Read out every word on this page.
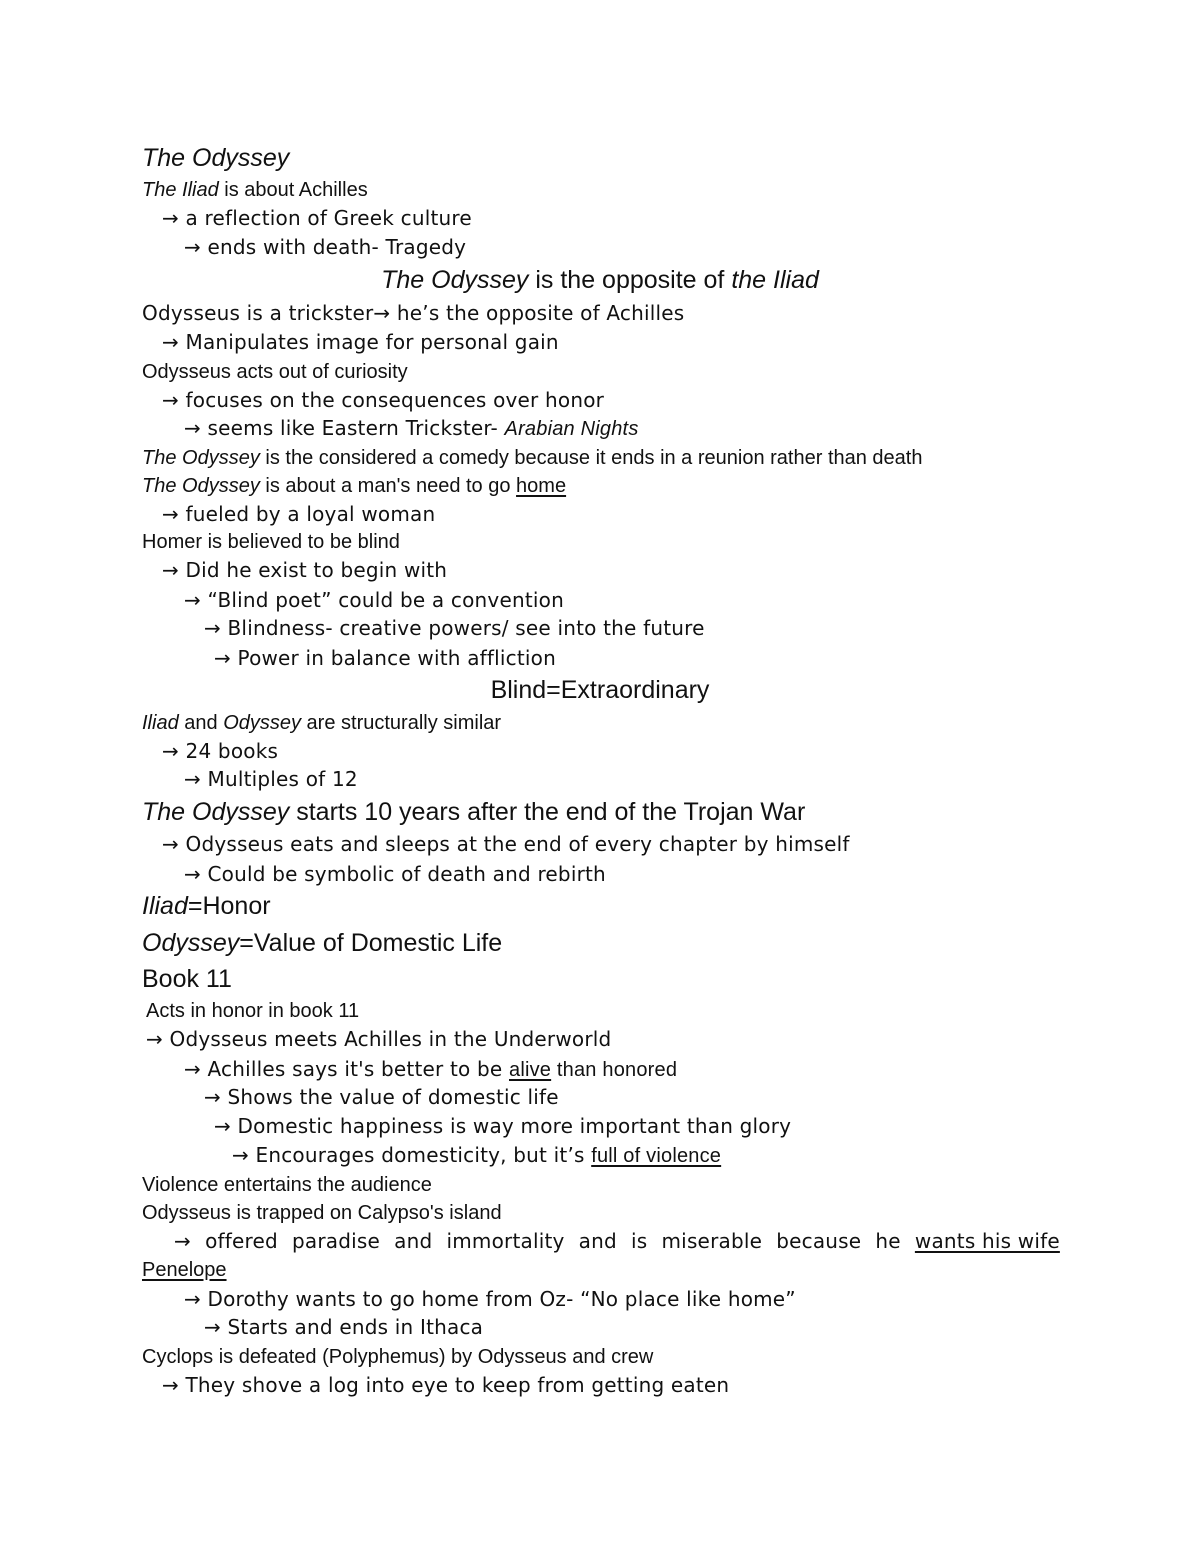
The Odyssey
The Iliad is about Achilles
→ a reflection of Greek culture
→ ends with death- Tragedy
The Odyssey is the opposite of the Iliad
Odysseus is a trickster→ he’s the opposite of Achilles
→ Manipulates image for personal gain
Odysseus acts out of curiosity
→ focuses on the consequences over honor
→ seems like Eastern Trickster- Arabian Nights
The Odyssey is the considered a comedy because it ends in a reunion rather than death
The Odyssey is about a man's need to go home
→ fueled by a loyal woman
Homer is believed to be blind
→ Did he exist to begin with
→ “Blind poet” could be a convention
→ Blindness- creative powers/ see into the future
→ Power in balance with affliction
Blind=Extraordinary
Iliad and Odyssey are structurally similar
→ 24 books
→ Multiples of 12
The Odyssey starts 10 years after the end of the Trojan War
→ Odysseus eats and sleeps at the end of every chapter by himself
→ Could be symbolic of death and rebirth
Iliad=Honor
Odyssey=Value of Domestic Life
Book 11
Acts in honor in book 11
→ Odysseus meets Achilles in the Underworld
→ Achilles says it's better to be alive than honored
→ Shows the value of domestic life
→ Domestic happiness is way more important than glory
→ Encourages domesticity, but it’s full of violence
Violence entertains the audience
Odysseus is trapped on Calypso's island
→ offered paradise and immortality and is miserable because he wants his wife
Penelope
→ Dorothy wants to go home from Oz- “No place like home”
→ Starts and ends in Ithaca
Cyclops is defeated (Polyphemus) by Odysseus and crew
→ They shove a log into eye to keep from getting eaten
